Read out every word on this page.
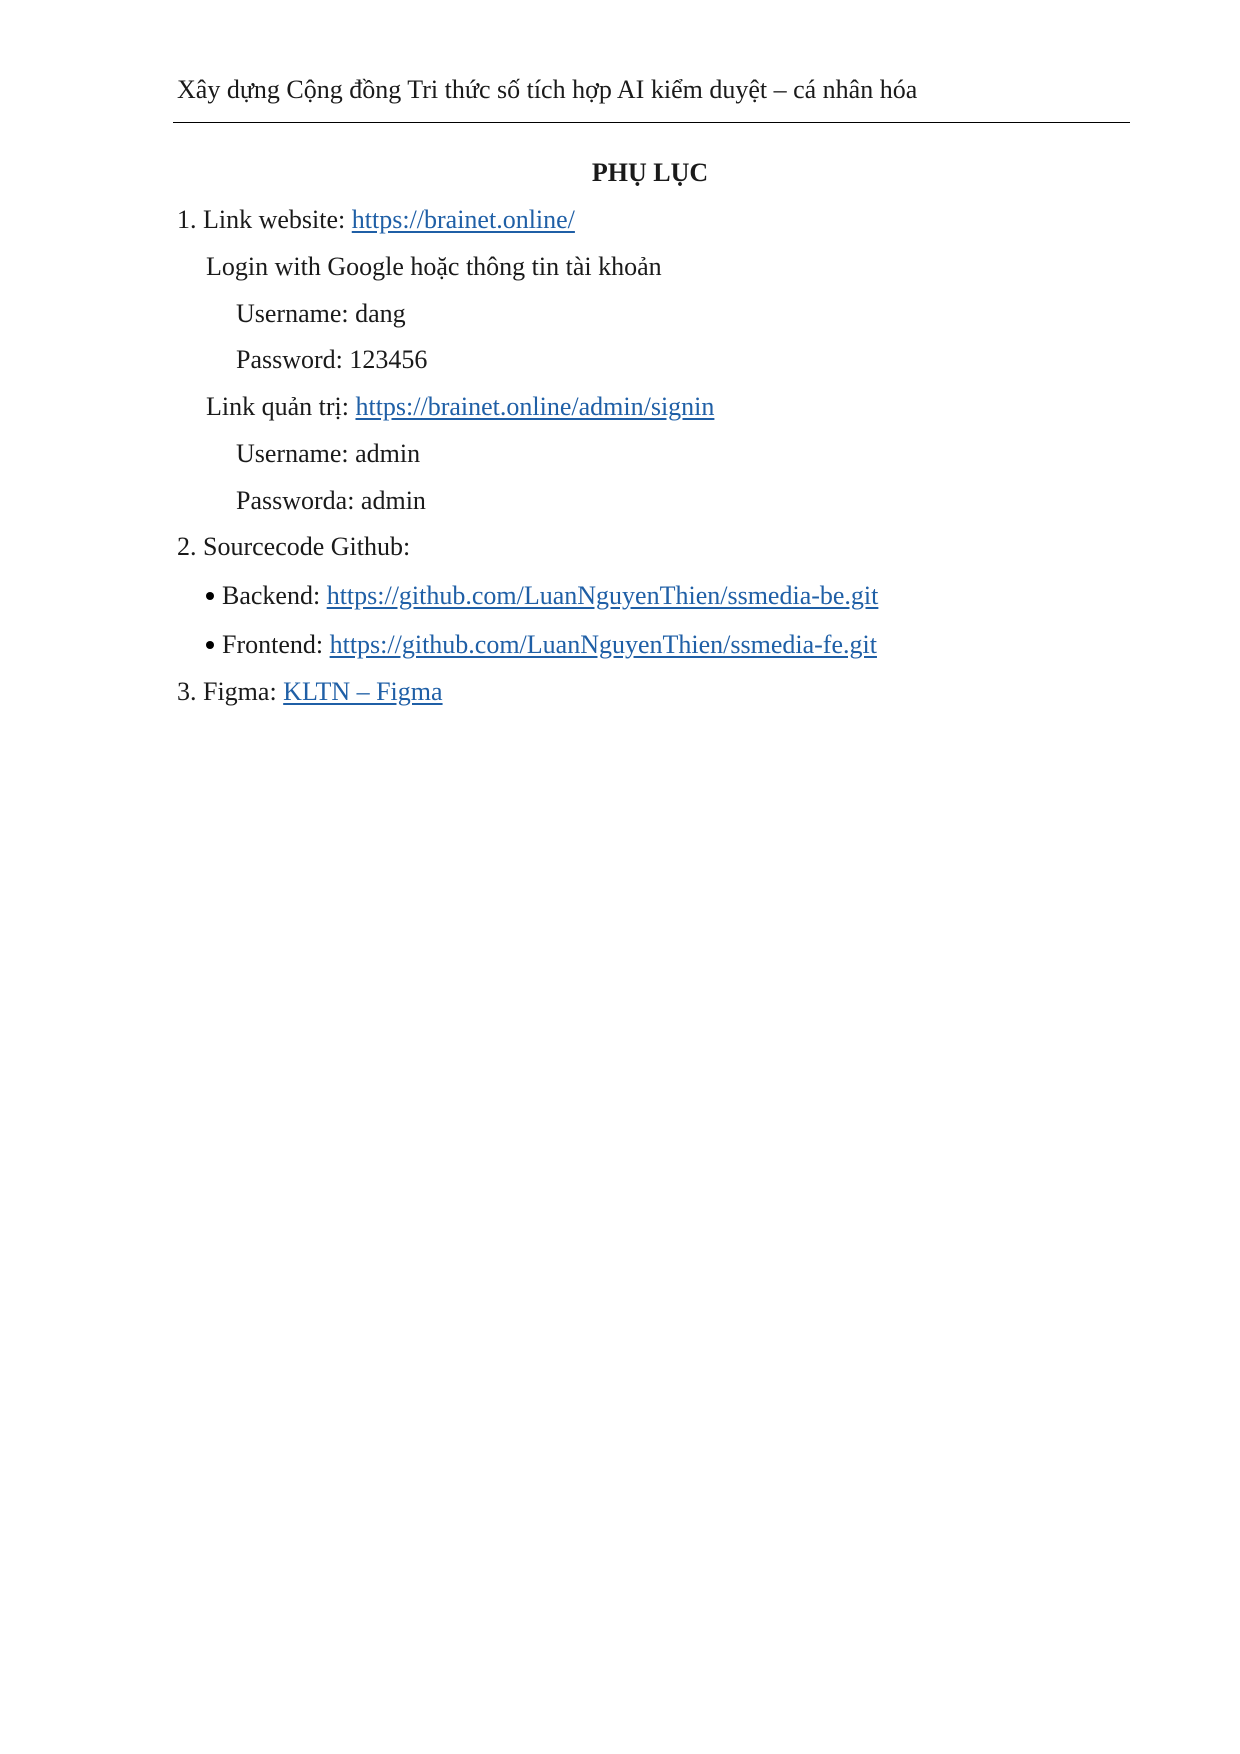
Xây dựng Cộng đồng Tri thức số tích hợp AI kiểm duyệt – cá nhân hóa
PHỤ LỤC
1. Link website: https://brainet.online/
Login with Google hoặc thông tin tài khoản
Username: dang
Password: 123456
Link quản trị: https://brainet.online/admin/signin
Username: admin
Passworda: admin
2. Sourcecode Github:
Backend: https://github.com/LuanNguyenThien/ssmedia-be.git
Frontend: https://github.com/LuanNguyenThien/ssmedia-fe.git
3. Figma: KLTN – Figma
